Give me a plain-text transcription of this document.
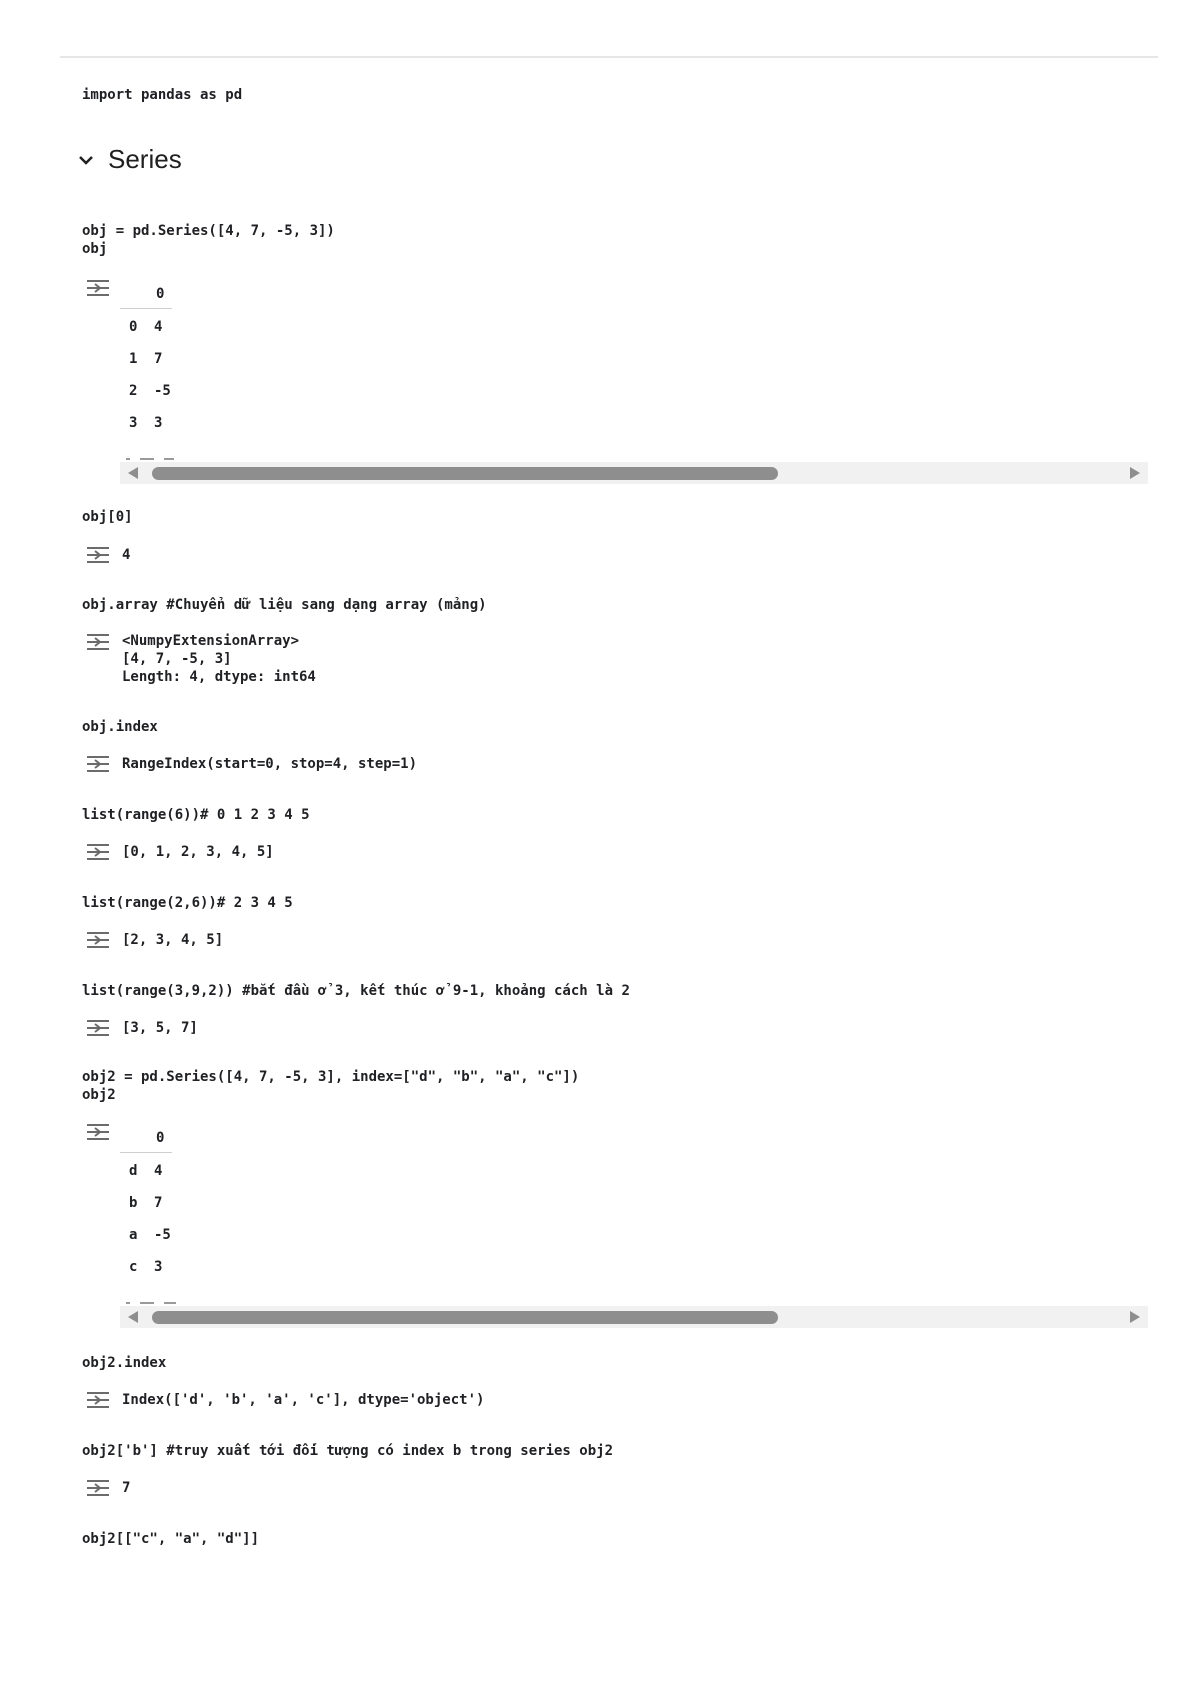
import pandas as pd
Series
obj = pd.Series([4, 7, -5, 3])
obj
0
0 4
1 7
2 -5
3 3
obj[0]
4
obj.array #Chuyển dữ liệu sang dạng array (mảng)
<NumpyExtensionArray>
[4, 7, -5, 3]
Length: 4, dtype: int64
obj.index
RangeIndex(start=0, stop=4, step=1)
list(range(6))# 0 1 2 3 4 5
[0, 1, 2, 3, 4, 5]
list(range(2,6))# 2 3 4 5
[2, 3, 4, 5]
list(range(3,9,2)) #bắt đầu ở 3, kết thúc ở 9-1, khoảng cách là 2
[3, 5, 7]
obj2 = pd.Series([4, 7, -5, 3], index=["d", "b", "a", "c"])
obj2
0
d 4
b 7
a -5
c 3
obj2.index
Index(['d', 'b', 'a', 'c'], dtype='object')
obj2['b'] #truy xuất tới đối tượng có index b trong series obj2
7
obj2[["c", "a", "d"]]
